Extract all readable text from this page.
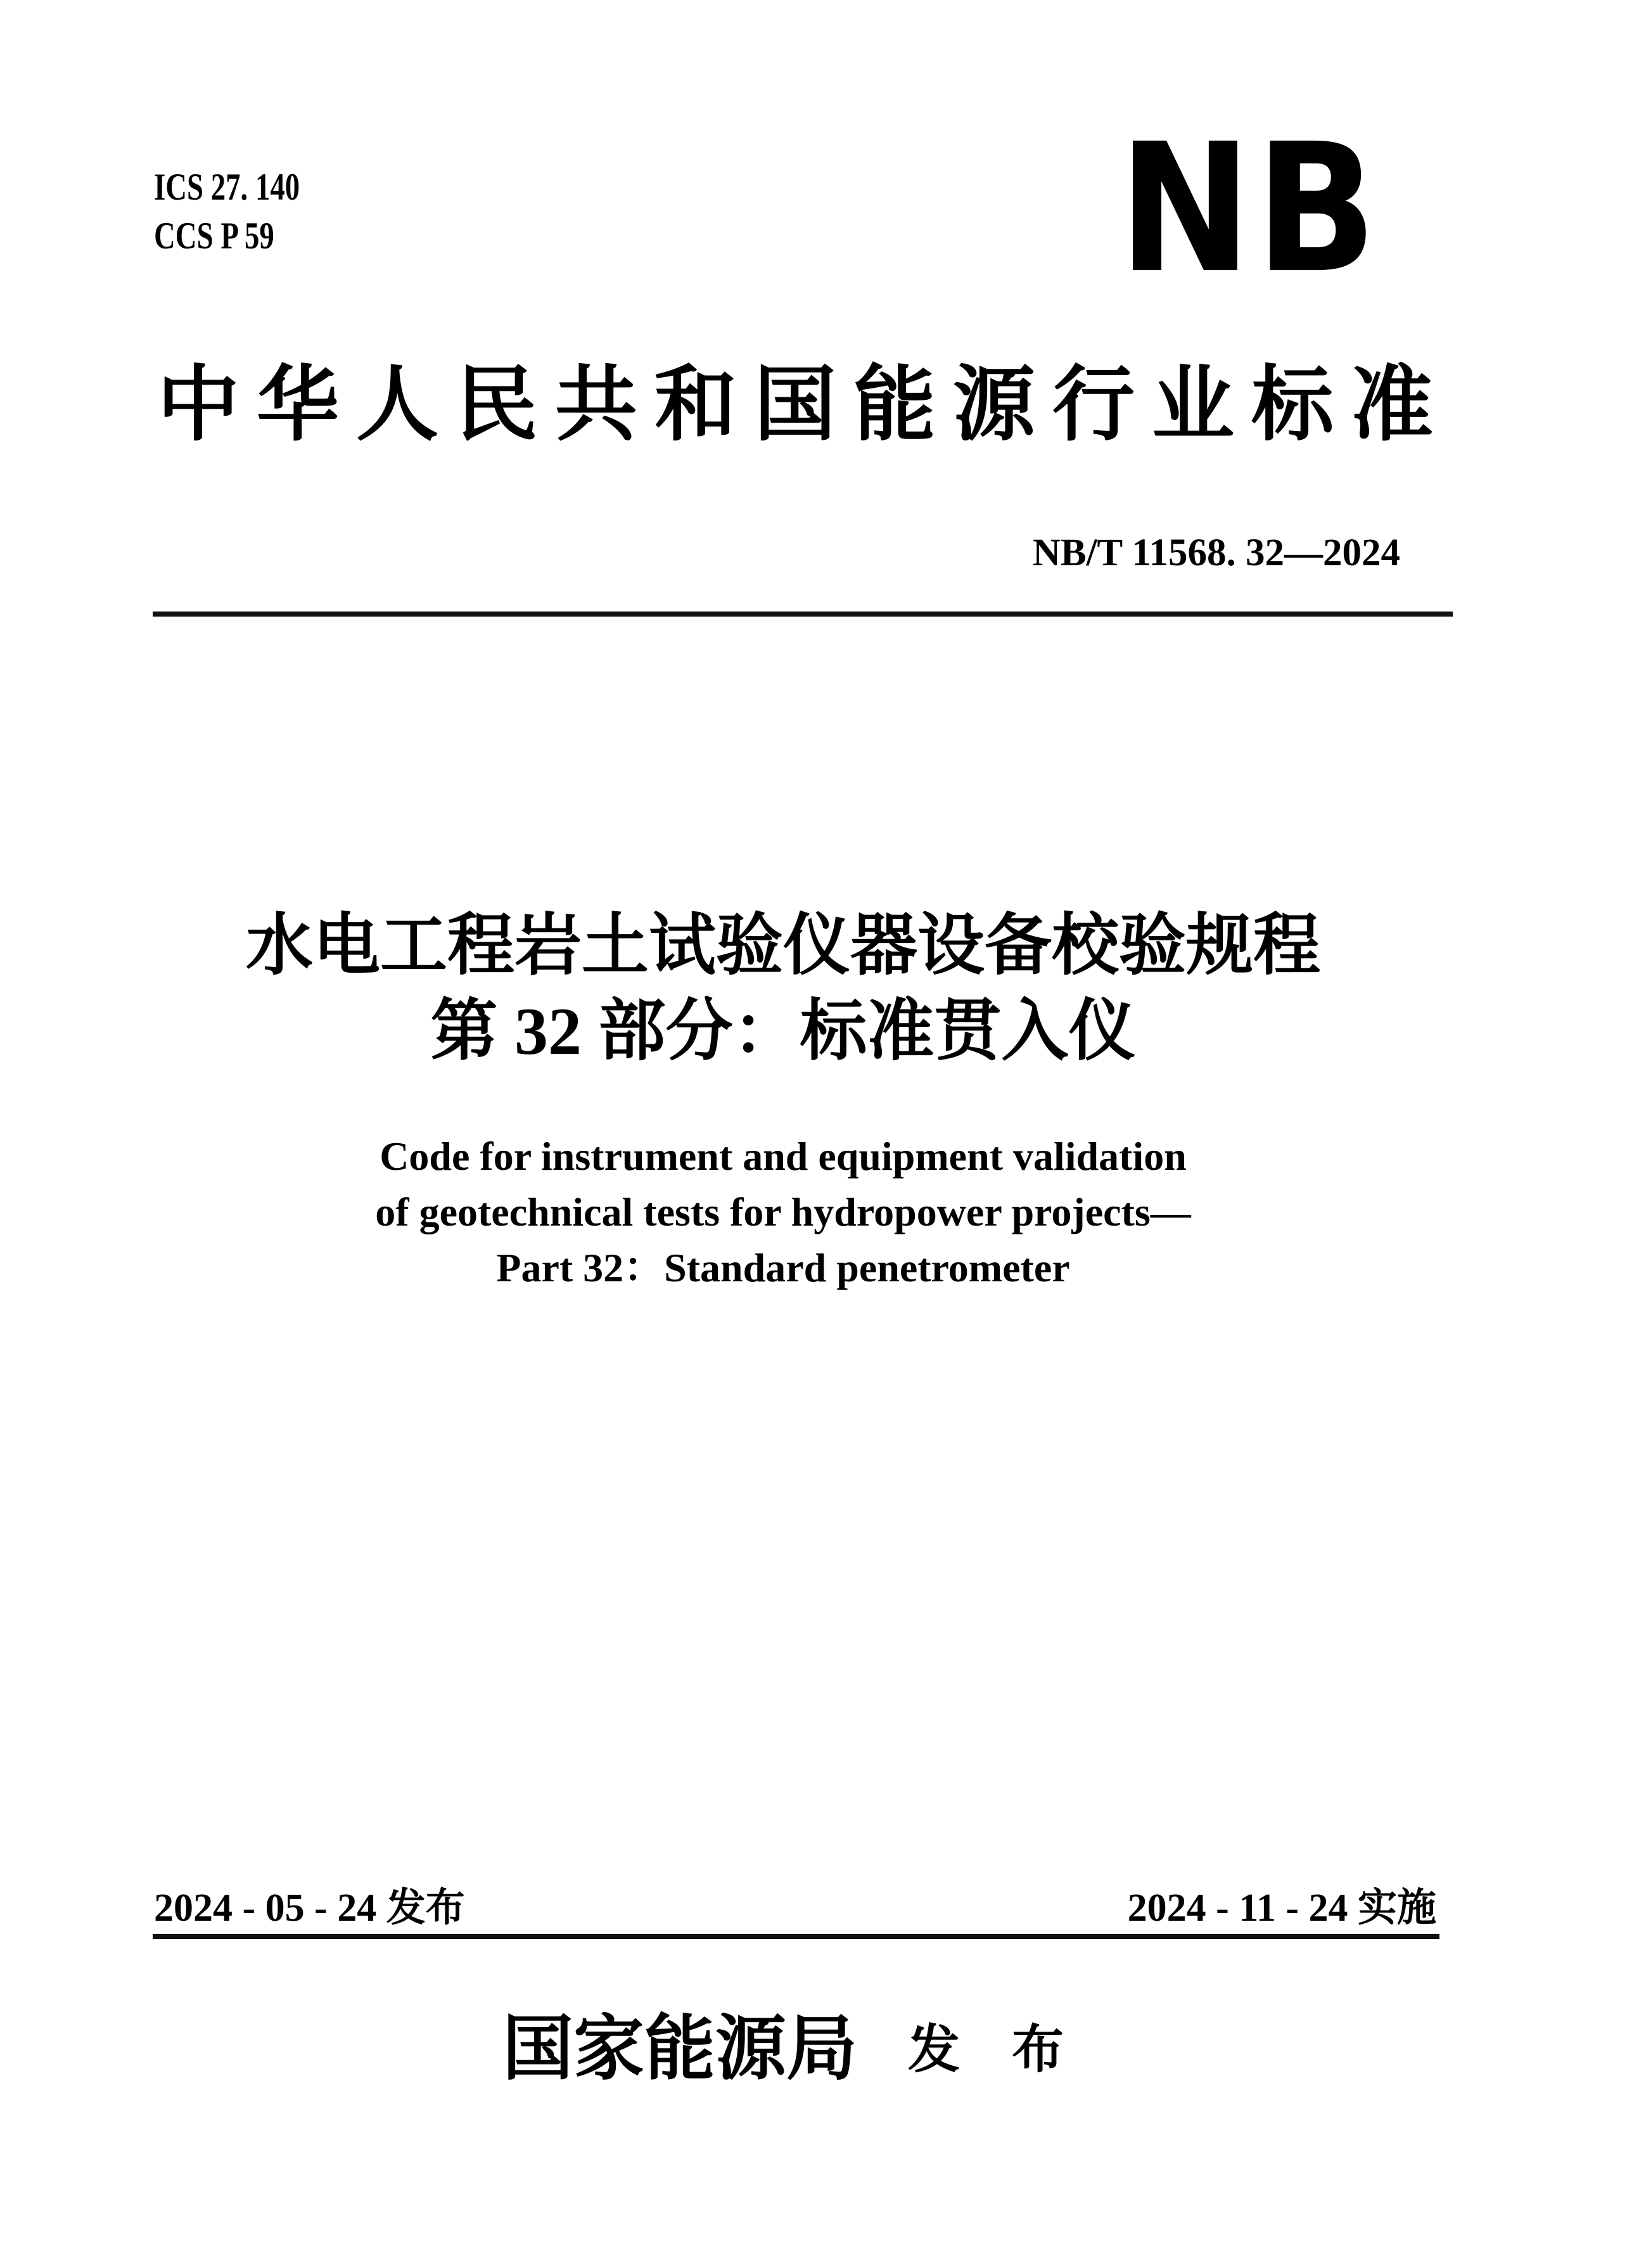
ICS 27. 140
CCS P 59	NB
中华人民共和国能源行业标准
NB/T 11568. 32—2024
水电工程岩土试验仪器设备校验规程
第 32 部分：标准贯入仪
Code for instrument and equipment validation
of geotechnical tests for hydropower projects—
Part 32：Standard penetrometer
2024 - 05 - 24 发布	2024 - 11 - 24 实施
国家能源局 发　布
